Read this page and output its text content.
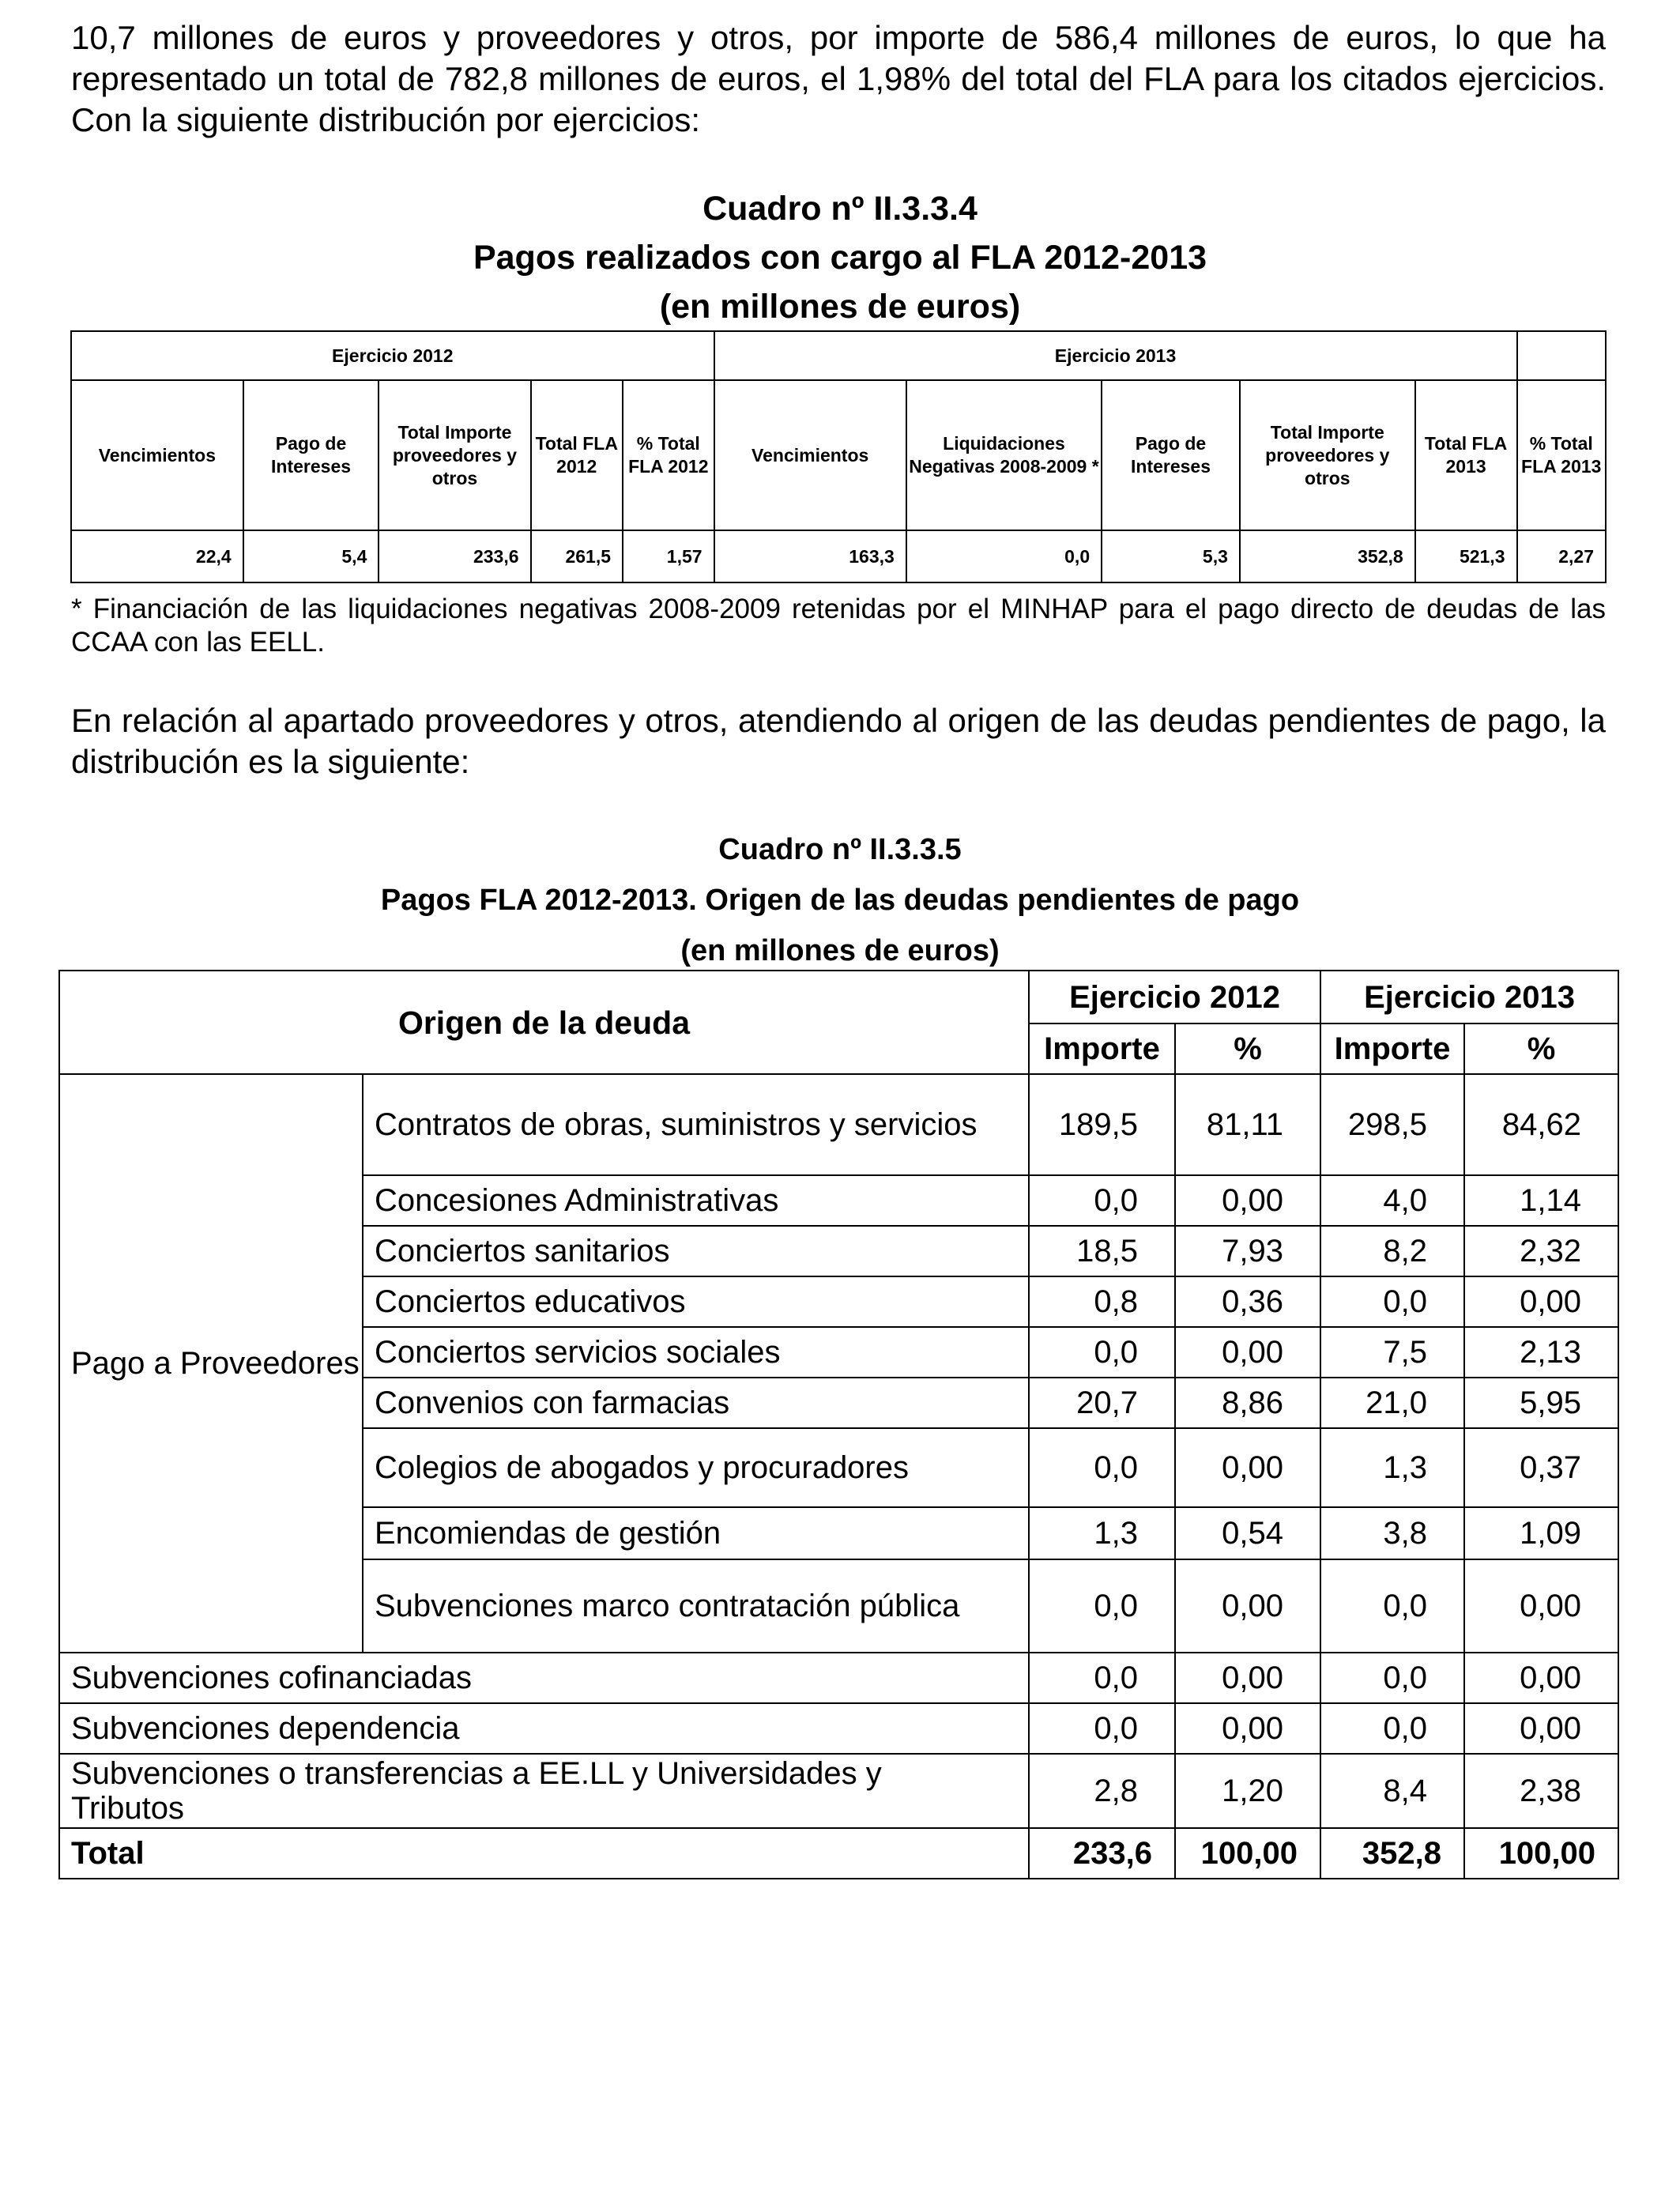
10,7 millones de euros y proveedores y otros, por importe de 586,4 millones de euros, lo que ha representado un total de 782,8 millones de euros, el 1,98% del total del FLA para los citados ejercicios. Con la siguiente distribución por ejercicios:

Cuadro nº II.3.3.4
Pagos realizados con cargo al FLA 2012-2013
(en millones de euros)
Ejercicio 2012					Ejercicio 2013					
Vencimientos	Pago de Intereses	Total Importe proveedores y otros	Total FLA 2012	% Total FLA 2012	Vencimientos	Liquidaciones Negativas 2008-2009 *	Pago de Intereses	Total Importe proveedores y otros	Total FLA 2013	% Total FLA 2013
22,4	5,4	233,6	261,5	1,57	163,3	0,0	5,3	352,8	521,3	2,27

* Financiación de las liquidaciones negativas 2008-2009 retenidas por el MINHAP para el pago directo de deudas de las CCAA con las EELL.

En relación al apartado proveedores y otros, atendiendo al origen de las deudas pendientes de pago, la distribución es la siguiente:

Cuadro nº II.3.3.5
Pagos FLA 2012-2013. Origen de las deudas pendientes de pago
(en millones de euros)
Origen de la deuda		Ejercicio 2012		Ejercicio 2013	
		Importe	%	Importe	%
Pago a Proveedores	Contratos de obras, suministros y servicios	189,5	81,11	298,5	84,62
	Concesiones Administrativas	0,0	0,00	4,0	1,14
	Conciertos sanitarios	18,5	7,93	8,2	2,32
	Conciertos educativos	0,8	0,36	0,0	0,00
	Conciertos servicios sociales	0,0	0,00	7,5	2,13
	Convenios con farmacias	20,7	8,86	21,0	5,95
	Colegios de abogados y procuradores	0,0	0,00	1,3	0,37
	Encomiendas de gestión	1,3	0,54	3,8	1,09
	Subvenciones marco contratación pública	0,0	0,00	0,0	0,00
Subvenciones cofinanciadas		0,0	0,00	0,0	0,00
Subvenciones dependencia		0,0	0,00	0,0	0,00
Subvenciones o transferencias a EE.LL y Universidades y Tributos		2,8	1,20	8,4	2,38
Total		233,6	100,00	352,8	100,00
